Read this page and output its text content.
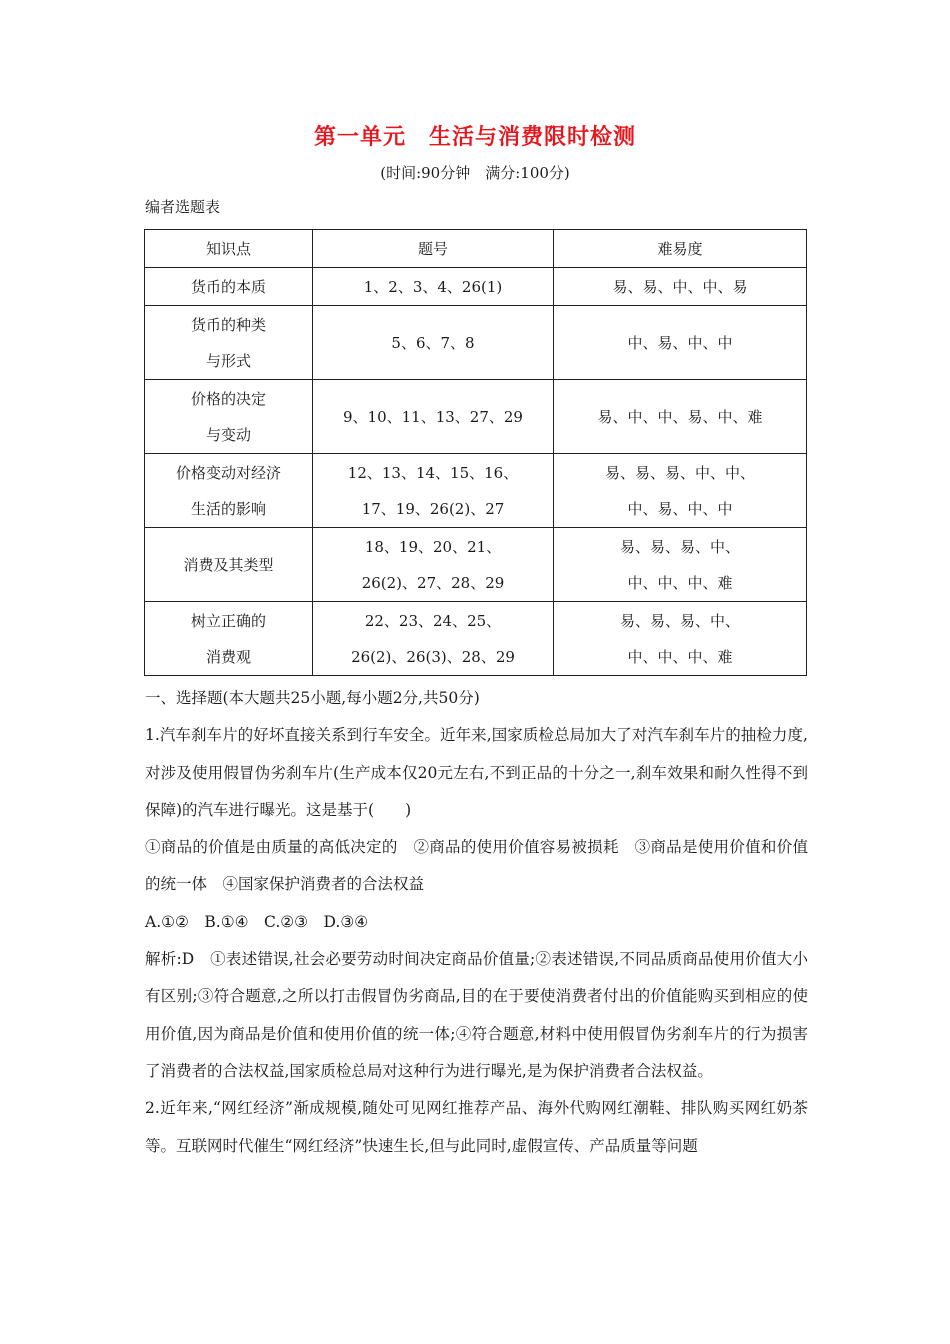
第一单元　生活与消费限时检测
(时间:90分钟　满分:100分)
编者选题表
知识点	题号	难易度

货币的本质	1、2、3、4、26(1)	易、易、中、中、易

货币的种类
与形式	5、6、7、8	中、易、中、中

价格的决定
与变动	9、10、11、13、27、29	易、中、中、易、中、难

价格变动对经济
生活的影响	12、13、14、15、16、
17、19、26(2)、27	易、易、易、中、中、
中、易、中、中

消费及其类型	18、19、20、21、
26(2)、27、28、29	易、易、易、中、
中、中、中、难

树立正确的
消费观	22、23、24、25、
26(2)、26(3)、28、29	易、易、易、中、
中、中、中、难

一、选择题(本大题共25小题,每小题2分,共50分)

1.汽车刹车片的好坏直接关系到行车安全。近年来,国家质检总局加大了对汽车刹车片的抽检力度,对涉及使用假冒伪劣刹车片(生产成本仅20元左右,不到正品的十分之一,刹车效果和耐久性得不到保障)的汽车进行曝光。这是基于(　　)

①商品的价值是由质量的高低决定的　②商品的使用价值容易被损耗　③商品是使用价值和价值的统一体　④国家保护消费者的合法权益

A.①②　B.①④　C.②③　D.③④

解析:D　①表述错误,社会必要劳动时间决定商品价值量;②表述错误,不同品质商品使用价值大小有区别;③符合题意,之所以打击假冒伪劣商品,目的在于要使消费者付出的价值能购买到相应的使用价值,因为商品是价值和使用价值的统一体;④符合题意,材料中使用假冒伪劣刹车片的行为损害了消费者的合法权益,国家质检总局对这种行为进行曝光,是为保护消费者合法权益。

2.近年来,“网红经济”渐成规模,随处可见网红推荐产品、海外代购网红潮鞋、排队购买网红奶茶等。互联网时代催生“网红经济”快速生长,但与此同时,虚假宣传、产品质量等问题
